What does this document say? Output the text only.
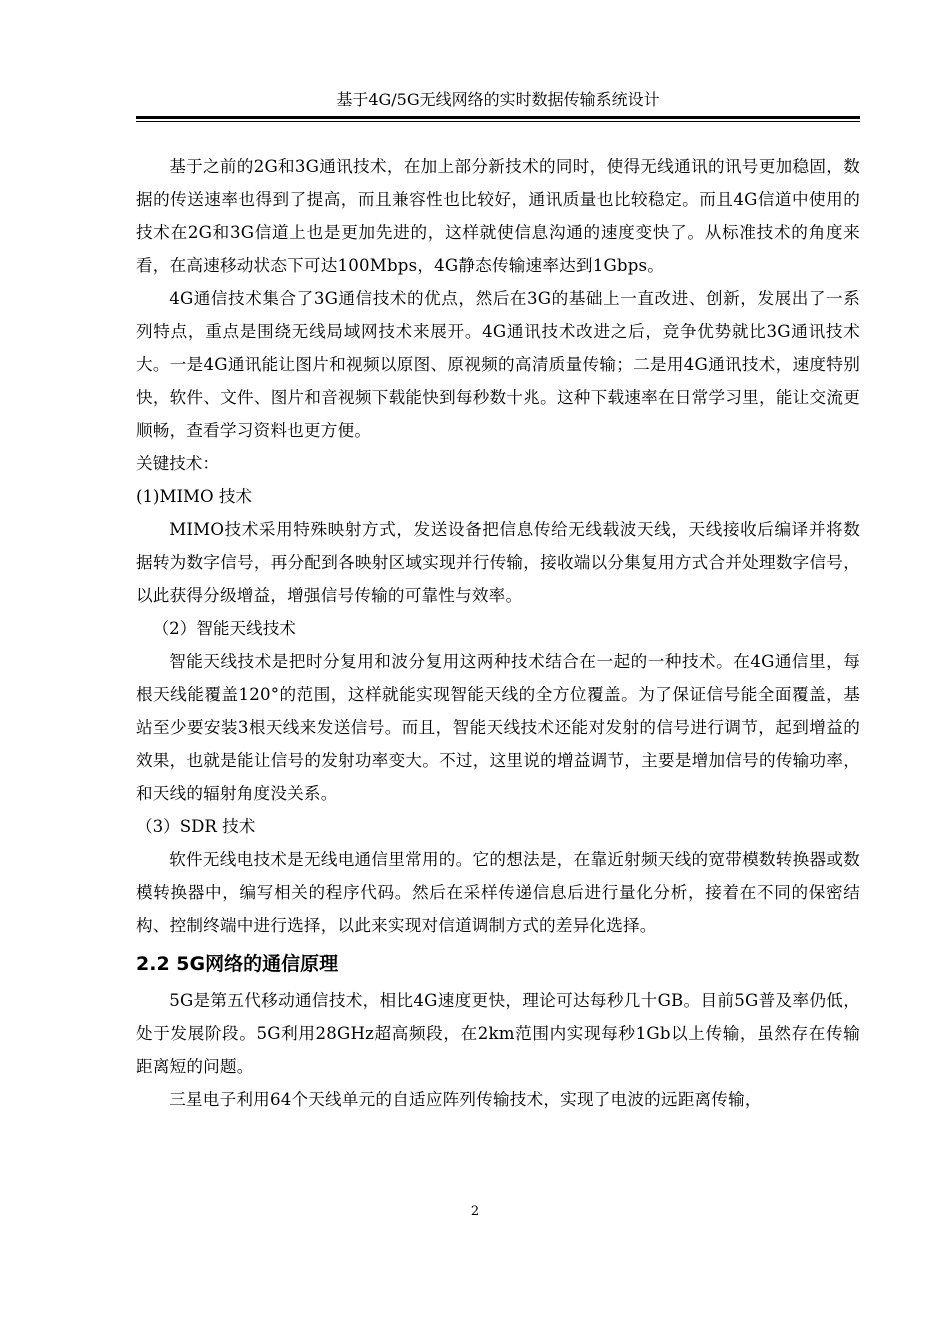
基于4G/5G无线网络的实时数据传输系统设计

基于之前的2G和3G通讯技术，在加上部分新技术的同时，使得无线通讯的讯号更加稳固，数据的传送速率也得到了提高，而且兼容性也比较好，通讯质量也比较稳定。而且4G信道中使用的技术在2G和3G信道上也是更加先进的，这样就使信息沟通的速度变快了。从标准技术的角度来看，在高速移动状态下可达100Mbps，4G静态传输速率达到1Gbps。

4G通信技术集合了3G通信技术的优点，然后在3G的基础上一直改进、创新，发展出了一系列特点，重点是围绕无线局域网技术来展开。4G通讯技术改进之后，竞争优势就比3G通讯技术大。一是4G通讯能让图片和视频以原图、原视频的高清质量传输；二是用4G通讯技术，速度特别快，软件、文件、图片和音视频下载能快到每秒数十兆。这种下载速率在日常学习里，能让交流更顺畅，查看学习资料也更方便。

关键技术：

(1)MIMO 技术

MIMO技术采用特殊映射方式，发送设备把信息传给无线载波天线，天线接收后编译并将数据转为数字信号，再分配到各映射区域实现并行传输，接收端以分集复用方式合并处理数字信号，以此获得分级增益，增强信号传输的可靠性与效率。

（2）智能天线技术

智能天线技术是把时分复用和波分复用这两种技术结合在一起的一种技术。在4G通信里，每根天线能覆盖120°的范围，这样就能实现智能天线的全方位覆盖。为了保证信号能全面覆盖，基站至少要安装3根天线来发送信号。而且，智能天线技术还能对发射的信号进行调节，起到增益的效果，也就是能让信号的发射功率变大。不过，这里说的增益调节，主要是增加信号的传输功率，和天线的辐射角度没关系。

（3）SDR 技术

软件无线电技术是无线电通信里常用的。它的想法是，在靠近射频天线的宽带模数转换器或数模转换器中，编写相关的程序代码。然后在采样传递信息后进行量化分析，接着在不同的保密结构、控制终端中进行选择，以此来实现对信道调制方式的差异化选择。

2.2 5G网络的通信原理

5G是第五代移动通信技术，相比4G速度更快，理论可达每秒几十GB。目前5G普及率仍低，处于发展阶段。5G利用28GHz超高频段，在2km范围内实现每秒1Gb以上传输，虽然存在传输距离短的问题。

三星电子利用64个天线单元的自适应阵列传输技术，实现了电波的远距离传输，

2
